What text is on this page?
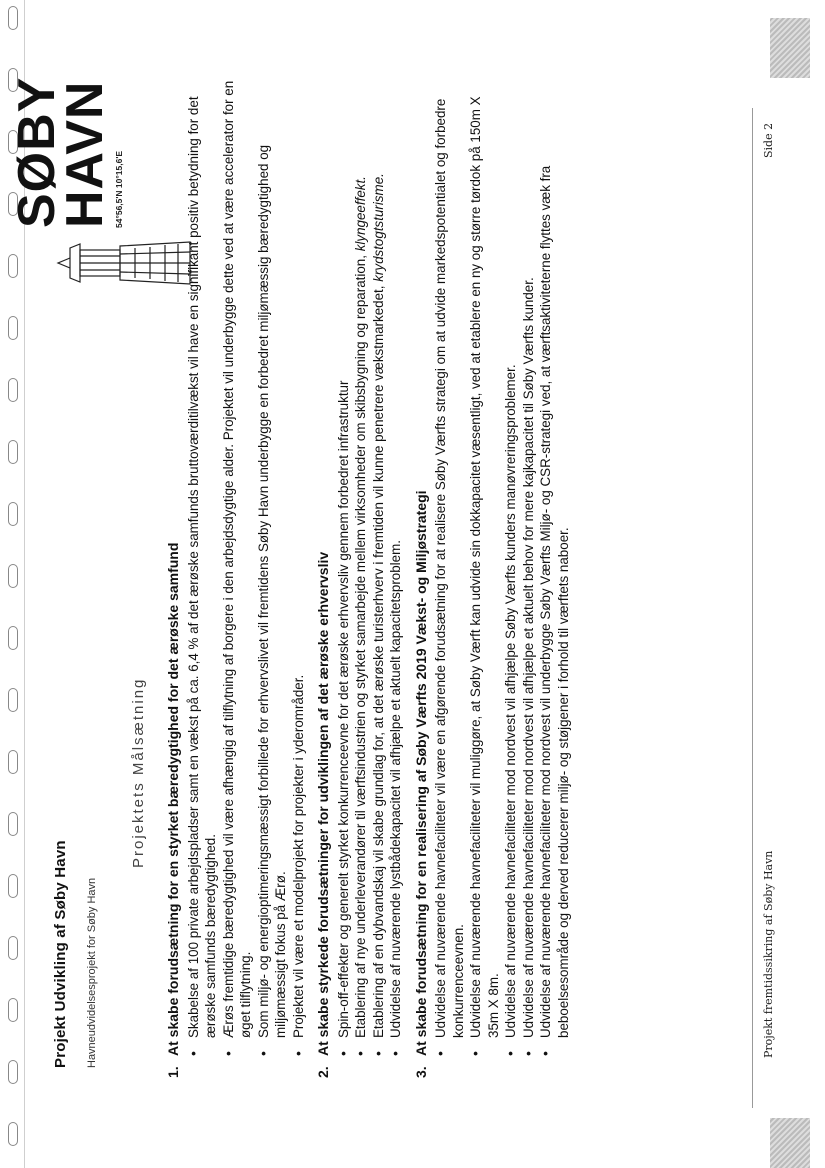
Projekt fremtidssikring af Søby Havn
Side 2
1.At skabe forudsætning for en styrket bæredygtighed for det ærøske samfund • Skabelse af 100 private arbejdspladser samt en vækst på ca. 6,4 % af det ærøske samfunds bruttoværditilvækst vil have en signifikant positiv betydning for det ærøske samfunds bæredygtighed. • Ærøs fremtidige bæredygtighed vil være afhængig af tilflytning af borgere i den arbejdsdygtige alder. Projektet vil underbygge dette ved at være accelerator for en øget tilflytning. • Som miljø- og energioptimeringsmæssigt forbillede for erhvervslivet vil fremtidens Søby Havn underbygge en forbedret miljømæssig bæredygtighed og miljømæssigt fokus på Ærø. • Projektet vil være et modelprojekt for projekter i yderområder.
2.At skabe styrkede forudsætninger for udviklingen af det ærøske erhvervsliv • Spin-off-effekter og generelt styrket konkurrenceevne for det ærøske erhvervsliv gennem forbedret infrastruktur • Etablering af nye underleverandører til værftsindustrien og styrket samarbejde mellem virksomheder om skibsbygning og reparation, klyngeeffekt.
• Etablering af en dybvandskaj vil skabe grundlag for, at det ærøske turisterhverv i fremtiden vil kunne penetrere vækstmarkedet, krydstogtsturisme.
• Udvidelse af nuværende lystbådekapacitet vil afhjælpe et aktuelt kapacitetsproblem.
3.At skabe forudsætning for en realisering af Søby Værfts 2019 Vækst- og Miljøstrategi • Udvidelse af nuværende havnefaciliteter vil være en afgørende forudsætning for at realisere Søby Værfts strategi om at udvide markedspotentialet og forbedre konkurrenceevnen. • Udvidelse af nuværende havnefaciliteter vil muliggøre, at Søby Værft kan udvide sin dokkapacitet væsentligt, ved at etablere en ny og større tørdok på 150m X 35m X 8m. • Udvidelse af nuværende havnefaciliteter mod nordvest vil afhjælpe Søby Værfts kunders manøvreringsproblemer. • Udvidelse af nuværende havnefaciliteter mod nordvest vil afhjælpe et aktuelt behov for mere kajkapacitet til Søby Værfts kunder. • Udvidelse af nuværende havnefaciliteter mod nordvest vil underbygge Søby Værfts Miljø- og CSR-strategi ved, at værftsaktiviteterne flyttes væk fra beboelsesområde og derved reducerer miljø- og støjgener i forhold til værftets naboer.
Projekt Udvikling af Søby Havn Havneudvidelsesprojekt for Søby Havn
SØBY
HAVN 54°56,5'N 10°15,6'E
Projektets Målsætning
